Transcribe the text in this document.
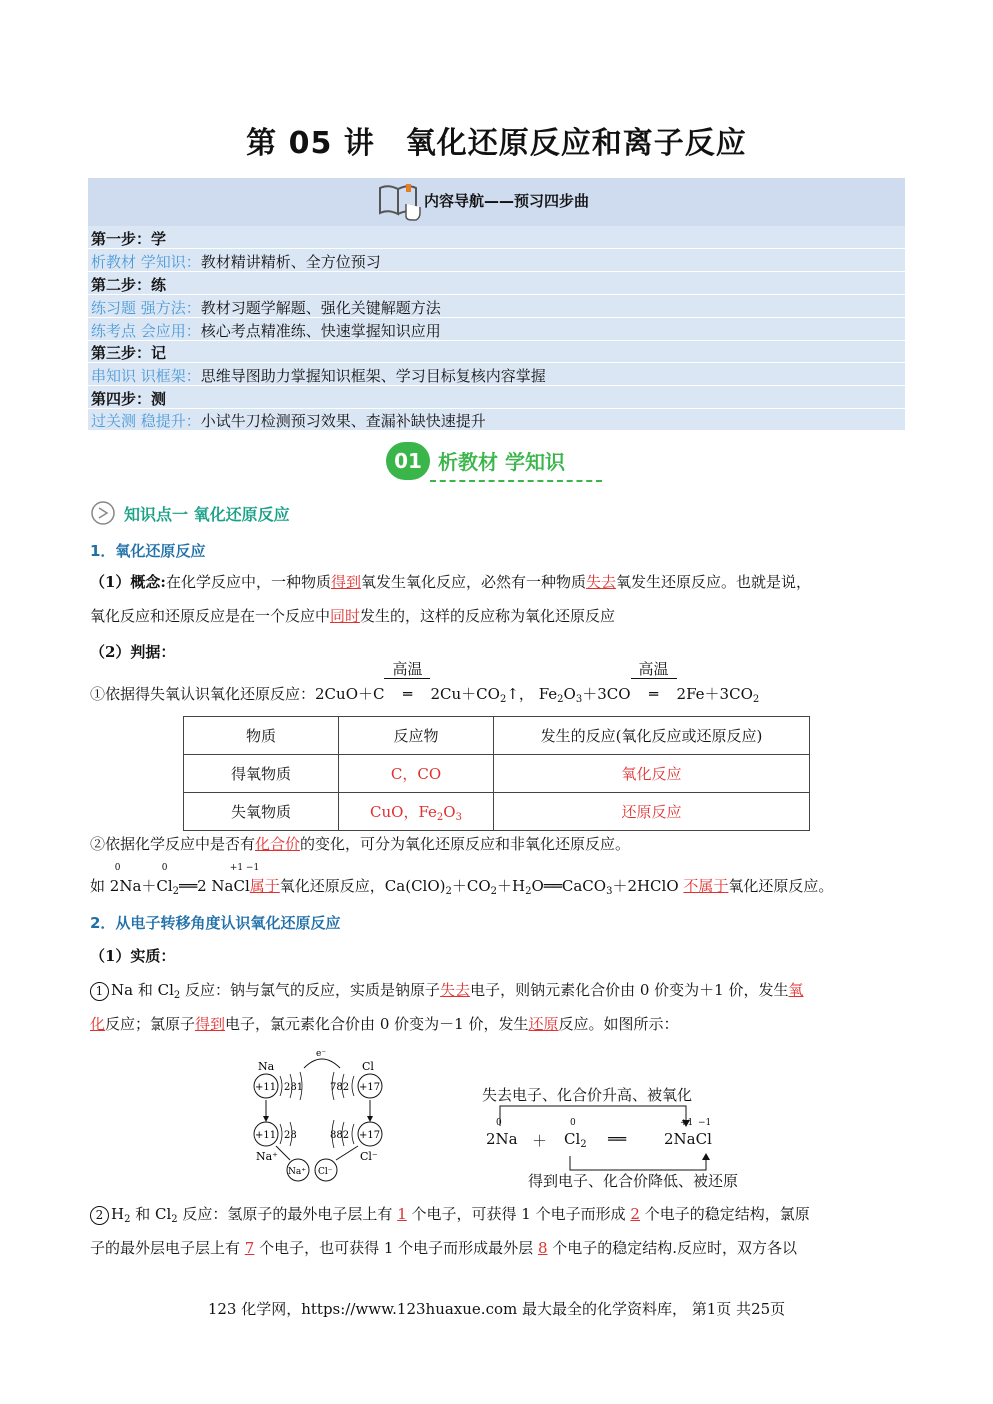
第 05 讲　氧化还原反应和离子反应
内容导航——预习四步曲
第一步：学
析教材 学知识：教材精讲精析、全方位预习
第二步：练
练习题 强方法：教材习题学解题、强化关键解题方法
练考点 会应用：核心考点精准练、快速掌握知识应用
第三步：记
串知识 识框架：思维导图助力掌握知识框架、学习目标复核内容掌握
第四步：测
过关测 稳提升：小试牛刀检测预习效果、查漏补缺快速提升
01 析教材 学知识
知识点一 氧化还原反应
1．氧化还原反应
（1）概念:在化学反应中，一种物质得到氧发生氧化反应，必然有一种物质失去氧发生还原反应。也就是说，
氧化反应和还原反应是在一个反应中同时发生的，这样的反应称为氧化还原反应
（2）判据：
①依据得失氧认识氧化还原反应：2CuO＋C
高温
═ $2Cu+CO_2↑$， $Fe_2O_3+3CO$
高温
═ $2Fe+3CO_2$
物质	反应物	发生的反应(氧化反应或还原反应)
得氧物质	C，CO	氧化反应
失氧物质	CuO，$Fe_2O_3$	还原反应
②依据化学反应中是否有化合价的变化，可分为氧化还原反应和非氧化还原反应。
如
0	0	+1 −1
$2Na+Cl_2══2$ NaCl属于氧化还原反应，$Ca(ClO)_2+CO_2+H_2O══CaCO_3+2HClO$ 不属于氧化还原反应。
2．从电子转移角度认识氧化还原反应
（1）实质：
1 Na 和 $Cl_2$ 反应：钠与氯气的反应，实质是钠原子失去电子，则钠元素化合价由 0 价变为＋1 价，发生氧
化反应；氯原子得到电子，氯元素化合价由 0 价变为－1 价，发生还原反应。如图所示：
Na	Cl
e⁻
+11 281	+17
782
+11 28
Na⁺
+17
882
Cl⁻
Na⁺ Cl⁻
失去电子、化合价升高、被氧化
0
2Na ＋
0
$Cl_2$ ══
+1 −1
2NaCl
得到电子、化合价降低、被还原
2 $H_2$ 和 $Cl_2$ 反应：氢原子的最外电子层上有 1 个电子，可获得 1 个电子而形成 2 个电子的稳定结构，氯原
子的最外层电子层上有 7 个电子，也可获得 1 个电子而形成最外层 8 个电子的稳定结构.反应时，双方各以
123 化学网，https://www.123huaxue.com 最大最全的化学资料库， 第1页 共25页
